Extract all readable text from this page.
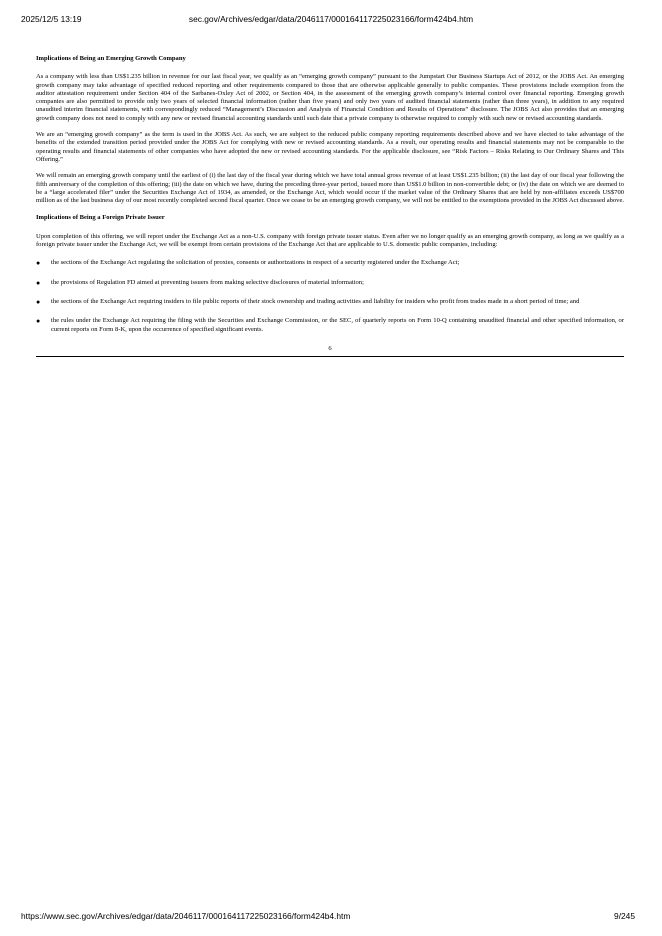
2025/12/5 13:19	sec.gov/Archives/edgar/data/2046117/000164117225023166/form424b4.htm

Implications of Being an Emerging Growth Company

As a company with less than US$1.235 billion in revenue for our last fiscal year, we qualify as an “emerging growth company” pursuant to the Jumpstart Our Business Startups Act of 2012, or the JOBS Act. An emerging growth company may take advantage of specified reduced reporting and other requirements compared to those that are otherwise applicable generally to public companies. These provisions include exemption from the auditor attestation requirement under Section 404 of the Sarbanes-Oxley Act of 2002, or Section 404, in the assessment of the emerging growth company’s internal control over financial reporting. Emerging growth companies are also permitted to provide only two years of selected financial information (rather than five years) and only two years of audited financial statements (rather than three years), in addition to any required unaudited interim financial statements, with correspondingly reduced “Management’s Discussion and Analysis of Financial Condition and Results of Operations” disclosure. The JOBS Act also provides that an emerging growth company does not need to comply with any new or revised financial accounting standards until such date that a private company is otherwise required to comply with such new or revised accounting standards.

We are an “emerging growth company” as the term is used in the JOBS Act. As such, we are subject to the reduced public company reporting requirements described above and we have elected to take advantage of the benefits of the extended transition period provided under the JOBS Act for complying with new or revised accounting standards. As a result, our operating results and financial statements may not be comparable to the operating results and financial statements of other companies who have adopted the new or revised accounting standards. For the applicable disclosure, see “Risk Factors – Risks Relating to Our Ordinary Shares and This Offering.”

We will remain an emerging growth company until the earliest of (i) the last day of the fiscal year during which we have total annual gross revenue of at least US$1.235 billion; (ii) the last day of our fiscal year following the fifth anniversary of the completion of this offering; (iii) the date on which we have, during the preceding three-year period, issued more than US$1.0 billion in non-convertible debt; or (iv) the date on which we are deemed to be a “large accelerated filer” under the Securities Exchange Act of 1934, as amended, or the Exchange Act, which would occur if the market value of the Ordinary Shares that are held by non-affiliates exceeds US$700 million as of the last business day of our most recently completed second fiscal quarter. Once we cease to be an emerging growth company, we will not be entitled to the exemptions provided in the JOBS Act discussed above.

Implications of Being a Foreign Private Issuer

Upon completion of this offering, we will report under the Exchange Act as a non-U.S. company with foreign private issuer status. Even after we no longer qualify as an emerging growth company, as long as we qualify as a foreign private issuer under the Exchange Act, we will be exempt from certain provisions of the Exchange Act that are applicable to U.S. domestic public companies, including:

● the sections of the Exchange Act regulating the solicitation of proxies, consents or authorizations in respect of a security registered under the Exchange Act;
● the provisions of Regulation FD aimed at preventing issuers from making selective disclosures of material information;
● the sections of the Exchange Act requiring insiders to file public reports of their stock ownership and trading activities and liability for insiders who profit from trades made in a short period of time; and
● the rules under the Exchange Act requiring the filing with the Securities and Exchange Commission, or the SEC, of quarterly reports on Form 10-Q containing unaudited financial and other specified information, or current reports on Form 8-K, upon the occurrence of specified significant events.
6
https://www.sec.gov/Archives/edgar/data/2046117/000164117225023166/form424b4.htm	9/245
